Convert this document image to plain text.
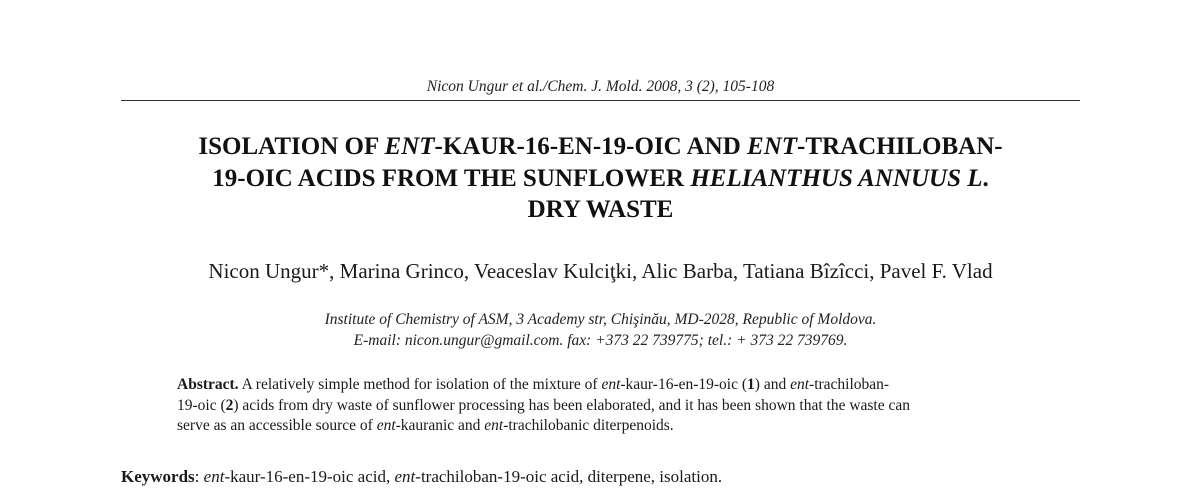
Nicon Ungur et al./Chem. J. Mold. 2008, 3 (2), 105-108
ISOLATION OF ENT-KAUR-16-EN-19-OIC AND ENT-TRACHILOBAN-
19-OIC ACIDS FROM THE SUNFLOWER HELIANTHUS ANNUUS L.
DRY WASTE
Nicon Ungur*, Marina Grinco, Veaceslav Kulciţki, Alic Barba, Tatiana Bîzîcci, Pavel F. Vlad
Institute of Chemistry of ASM, 3 Academy str, Chişinău, MD-2028, Republic of Moldova.
E-mail: nicon.ungur@gmail.com. fax: +373 22 739775; tel.: + 373 22 739769.
Abstract. A relatively simple method for isolation of the mixture of ent-kaur-16-en-19-oic (1) and ent-trachiloban-
19-oic (2) acids from dry waste of sunflower processing has been elaborated, and it has been shown that the waste can
serve as an accessible source of ent-kauranic and ent-trachilobanic diterpenoids.
Keywords: ent-kaur-16-en-19-oic acid, ent-trachiloban-19-oic acid, diterpene, isolation.
